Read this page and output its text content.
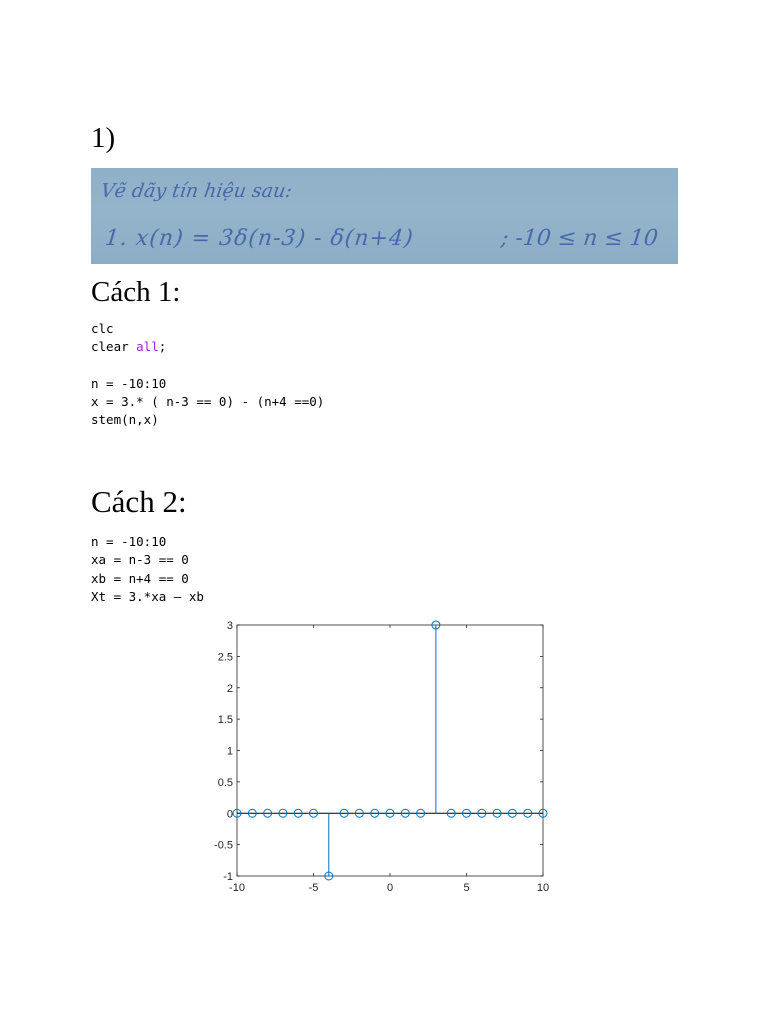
1)
Vẽ dãy tín hiệu sau:
1. x(n) = 3δ(n-3) - δ(n+4)	; -10 ≤ n ≤ 10
Cách 1:
clc
clear all;

n = -10:10
x = 3.* ( n-3 == 0) - (n+4 ==0)
stem(n,x)
Cách 2:
n = -10:10
xa = n-3 == 0
xb = n+4 == 0
Xt = 3.*xa – xb
-10	-5	0	5	10
-1
-0.5
0
0.5
1
1.5
2
2.5
3
